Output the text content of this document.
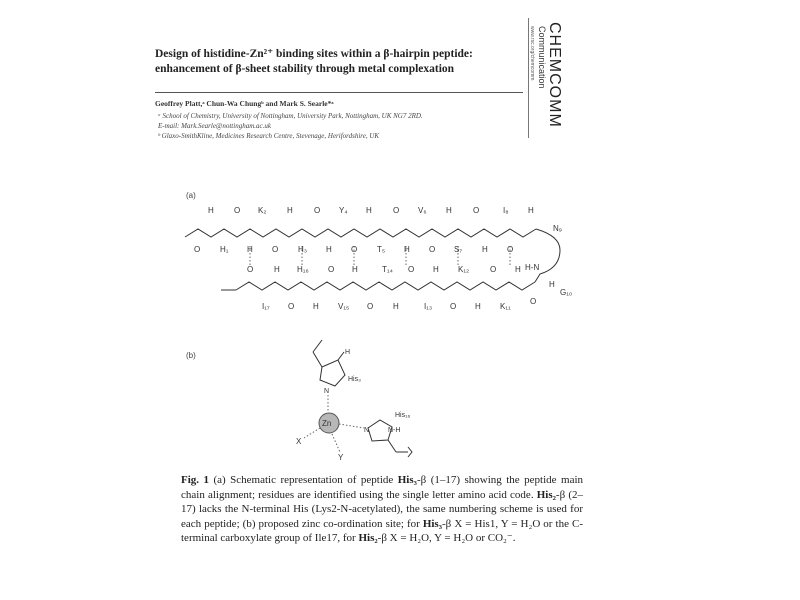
Design of histidine-Zn²⁺ binding sites within a β-hairpin peptide:
enhancement of β-sheet stability through metal complexation
Geoffrey Platt,ᵃ Chun-Wa Chungᵇ and Mark S. Searle*ᵃ
ᵃ School of Chemistry, University of Nottingham, University Park, Nottingham, UK NG7 2RD.
E-mail: Mark.Searle@nottingham.ac.uk
ᵇ Glaxo-SmithKline, Medicines Research Centre, Stevenage, Herifordshire, UK
CHEMCOMM
Communication
www.rsc.org/chemcomm
(a)
(b)
H	O K₂	H	O Y₄ H	O V₆ H	O	I₈ H
O H₁ H O H₃ H O T₅ H O S₇ H O
O	H H₁₆ O H	T₁₄ O H K₁₂	O H
I₁₇ O H V₁₅ O H	I₁₃ O H K₁₁
O
N₉
H-N
H
G₁₀
H
His₃
N
Zn
X
Y
N	N-H
His₁₆
Fig. 1 (a) Schematic representation of peptide His₃-β (1–17) showing the peptide main chain alignment; residues are identified using the single letter amino acid code. His₂-β (2–17) lacks the N-terminal His (Lys2-N-acetylated), the same numbering scheme is used for each peptide; (b) proposed zinc co-ordination site; for His₃-β X = His1, Y = H₂O or the C-terminal carboxylate group of Ile17, for His₂-β X = H₂O, Y = H₂O or CO₂⁻.
